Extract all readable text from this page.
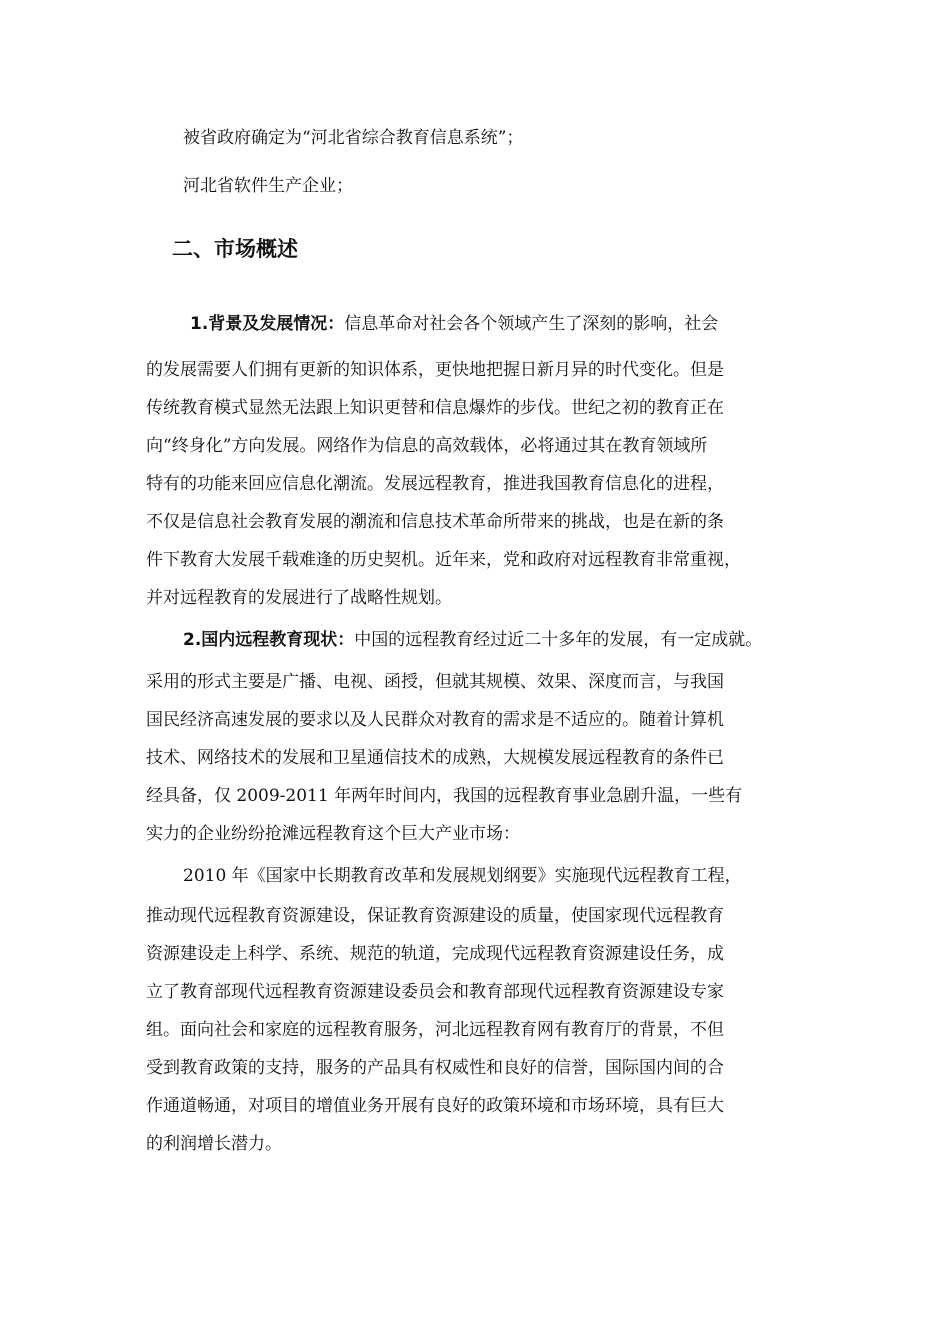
被省政府确定为“河北省综合教育信息系统”；
河北省软件生产企业；
二、市场概述
1.背景及发展情况：信息革命对社会各个领域产生了深刻的影响，社会
的发展需要人们拥有更新的知识体系，更快地把握日新月异的时代变化。但是
传统教育模式显然无法跟上知识更替和信息爆炸的步伐。世纪之初的教育正在
向“终身化”方向发展。网络作为信息的高效载体，必将通过其在教育领域所
特有的功能来回应信息化潮流。发展远程教育，推进我国教育信息化的进程，
不仅是信息社会教育发展的潮流和信息技术革命所带来的挑战，也是在新的条
件下教育大发展千载难逢的历史契机。近年来，党和政府对远程教育非常重视，
并对远程教育的发展进行了战略性规划。
2.国内远程教育现状：中国的远程教育经过近二十多年的发展，有一定成就。
采用的形式主要是广播、电视、函授，但就其规模、效果、深度而言，与我国
国民经济高速发展的要求以及人民群众对教育的需求是不适应的。随着计算机
技术、网络技术的发展和卫星通信技术的成熟，大规模发展远程教育的条件已
经具备，仅 2009-2011 年两年时间内，我国的远程教育事业急剧升温，一些有
实力的企业纷纷抢滩远程教育这个巨大产业市场：
2010 年《国家中长期教育改革和发展规划纲要》实施现代远程教育工程，
推动现代远程教育资源建设，保证教育资源建设的质量，使国家现代远程教育
资源建设走上科学、系统、规范的轨道，完成现代远程教育资源建设任务，成
立了教育部现代远程教育资源建设委员会和教育部现代远程教育资源建设专家
组。面向社会和家庭的远程教育服务，河北远程教育网有教育厅的背景，不但
受到教育政策的支持，服务的产品具有权威性和良好的信誉，国际国内间的合
作通道畅通，对项目的增值业务开展有良好的政策环境和市场环境，具有巨大
的利润增长潜力。
